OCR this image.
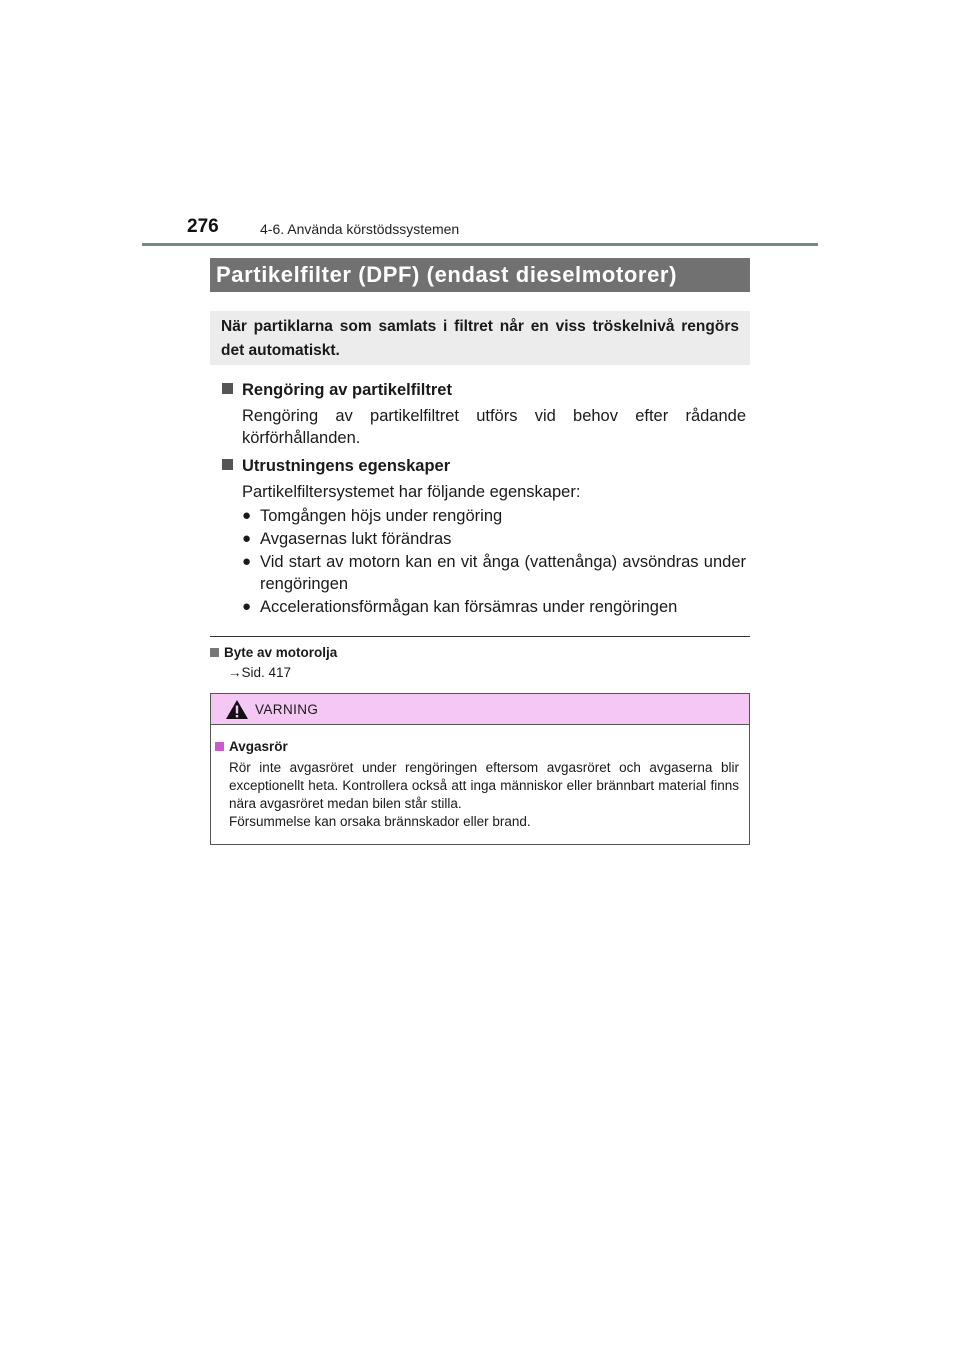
276	4-6. Använda körstödssystemen
Partikelfilter (DPF) (endast dieselmotorer)
När partiklarna som samlats i filtret når en viss tröskelnivå rengörs det automatiskt.
Rengöring av partikelfiltret
Rengöring av partikelfiltret utförs vid behov efter rådande körförhållanden.
Utrustningens egenskaper
Partikelfiltersystemet har följande egenskaper:
● Tomgången höjs under rengöring
● Avgasernas lukt förändras
● Vid start av motorn kan en vit ånga (vattenånga) avsöndras under rengöringen
● Accelerationsförmågan kan försämras under rengöringen
Byte av motorolja
→Sid. 417
VARNING
Avgasrör

Rör inte avgasröret under rengöringen eftersom avgasröret och avgaserna blir exceptionellt heta. Kontrollera också att inga människor eller brännbart material finns nära avgasröret medan bilen står stilla.

Försummelse kan orsaka brännskador eller brand.
